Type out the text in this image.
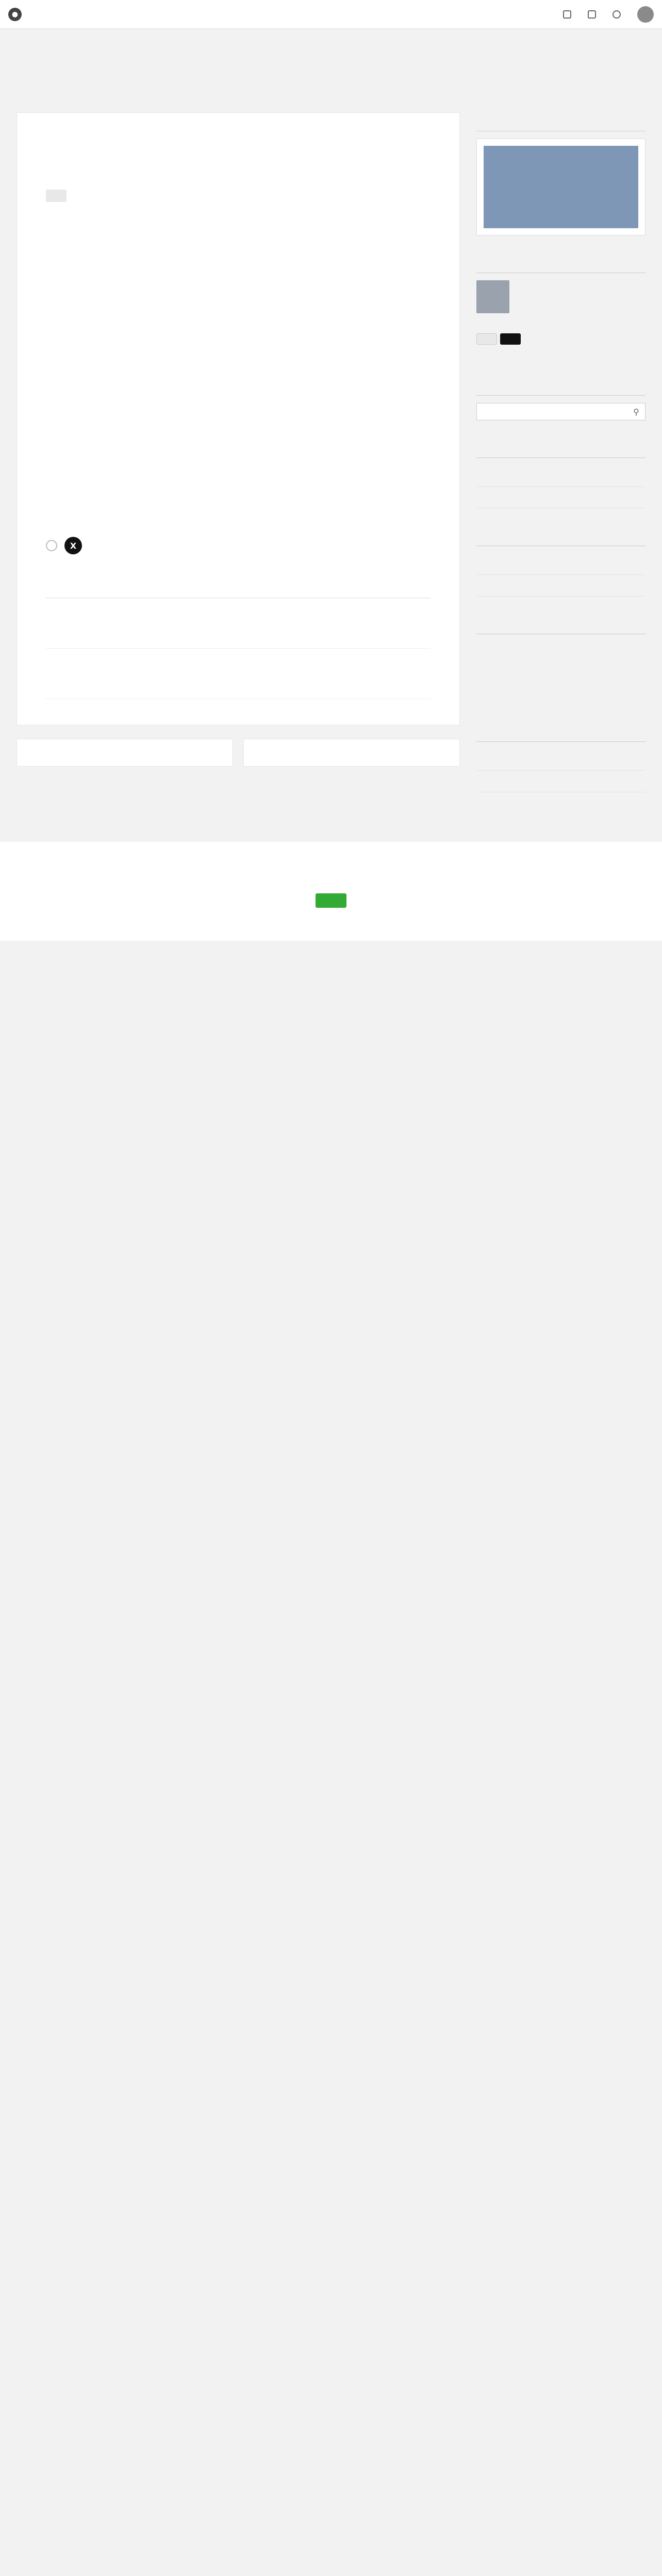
●

X
⚲
